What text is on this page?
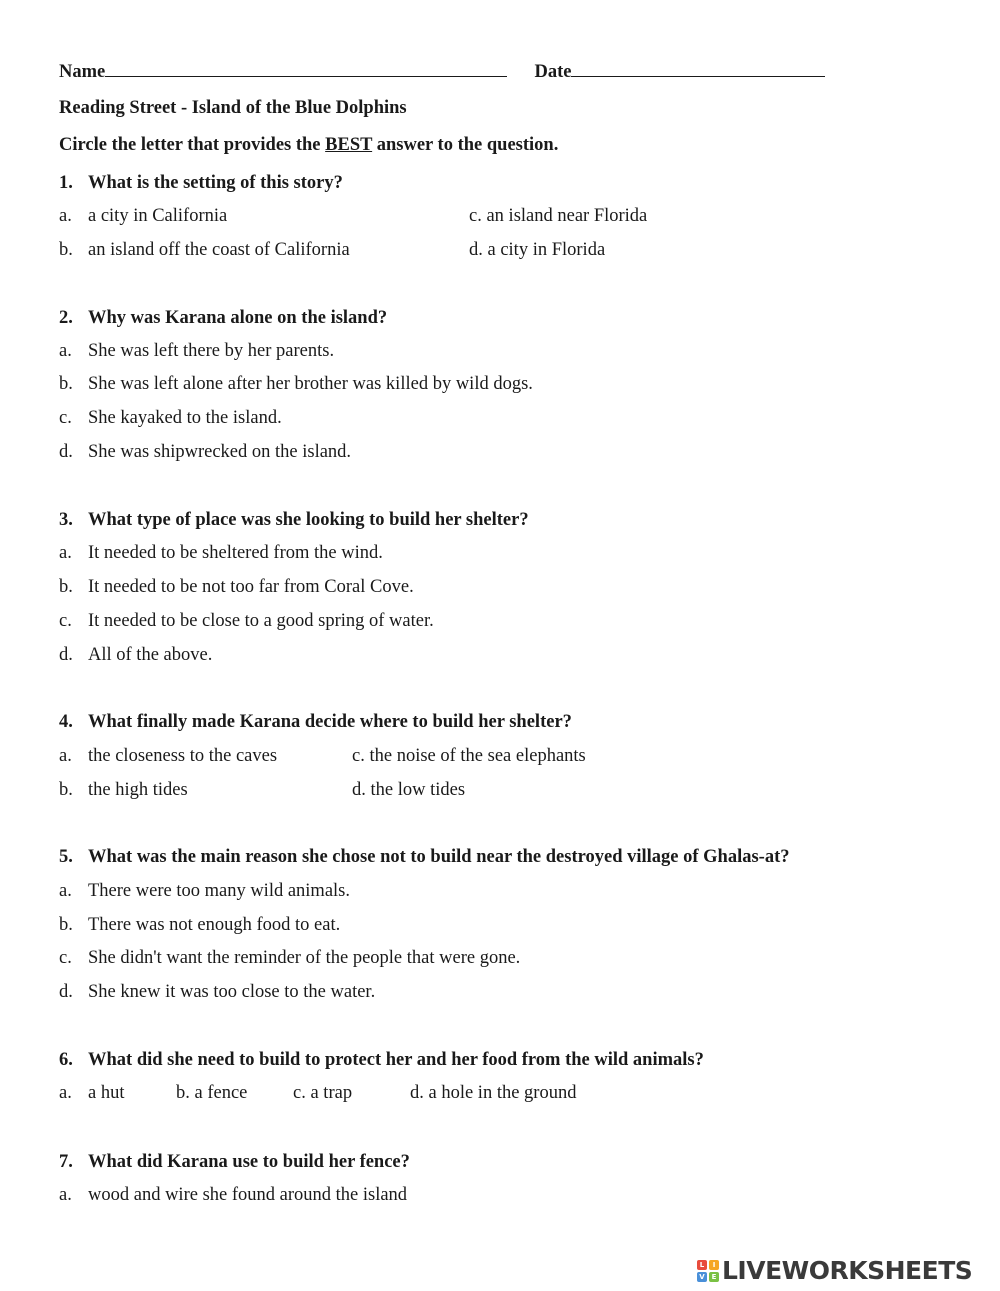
Name	Date
Reading Street - Island of the Blue Dolphins
Circle the letter that provides the BEST answer to the question.
1. What is the setting of this story?
a. a city in California	c. an island near Florida
b. an island off the coast of California	d. a city in Florida
2. Why was Karana alone on the island?
a. She was left there by her parents.
b. She was left alone after her brother was killed by wild dogs.
c. She kayaked to the island.
d. She was shipwrecked on the island.
3. What type of place was she looking to build her shelter?
a. It needed to be sheltered from the wind.
b. It needed to be not too far from Coral Cove.
c. It needed to be close to a good spring of water.
d. All of the above.
4. What finally made Karana decide where to build her shelter?
a. the closeness to the caves	c. the noise of the sea elephants
b. the high tides	d. the low tides
5. What was the main reason she chose not to build near the destroyed village of Ghalas-at?
a. There were too many wild animals.
b. There was not enough food to eat.
c. She didn't want the reminder of the people that were gone.
d. She knew it was too close to the water.
6. What did she need to build to protect her and her food from the wild animals?
a. a hut	b. a fence c. a trap	d. a hole in the ground
7. What did Karana use to build her fence?
a. wood and wire she found around the island
L	I
V E LIVEWORKSHEETS
